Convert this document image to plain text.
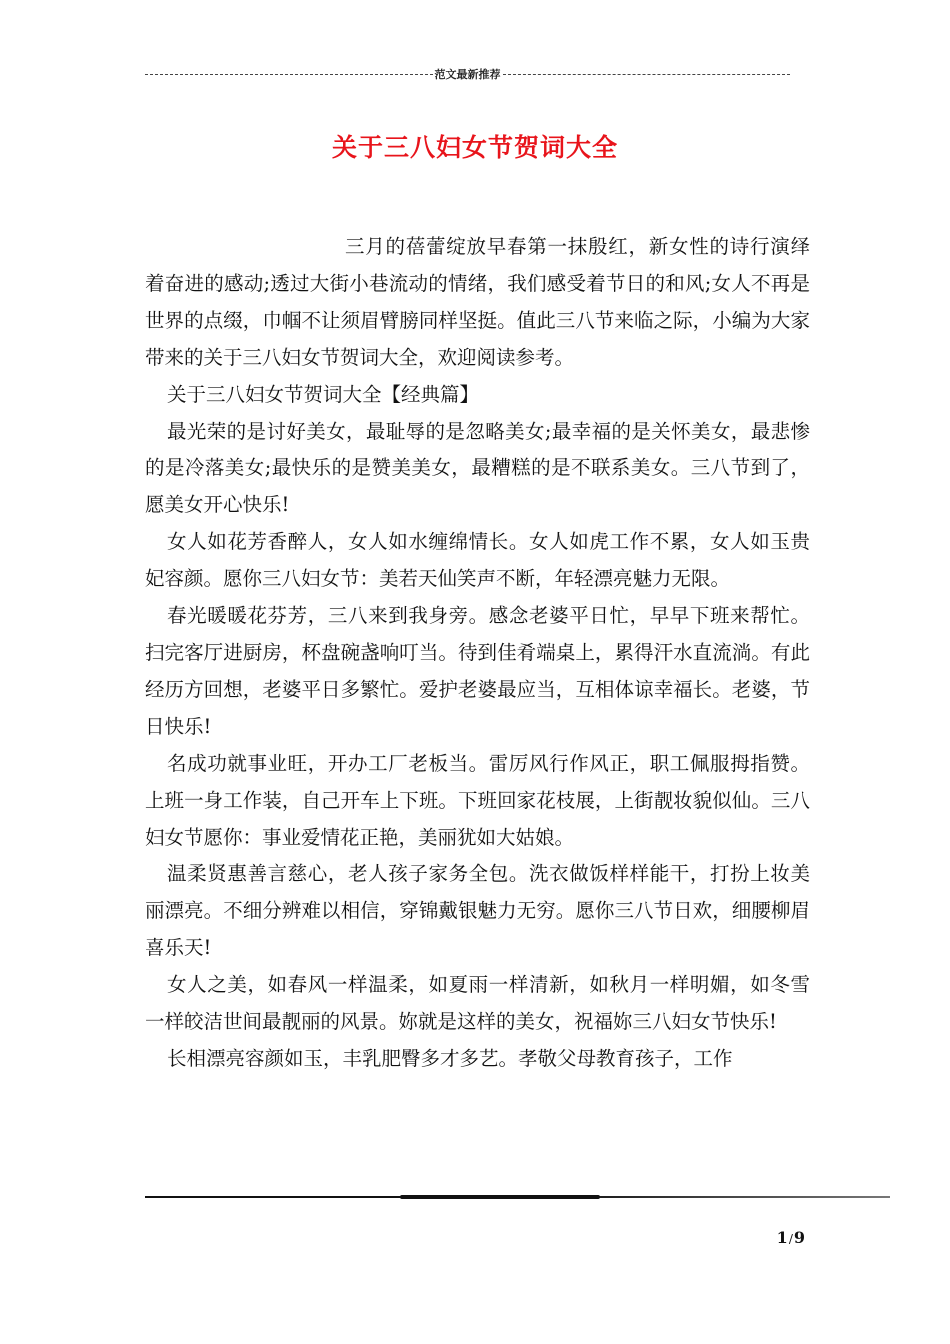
范文最新推荐
关于三八妇女节贺词大全

三月的蓓蕾绽放早春第一抹殷红，新女性的诗行演绎着奋进的感动;透过大街小巷流动的情绪，我们感受着节日的和风;女人不再是世界的点缀，巾帼不让须眉臂膀同样坚挺。值此三八节来临之际，小编为大家带来的关于三八妇女节贺词大全，欢迎阅读参考。

关于三八妇女节贺词大全【经典篇】

最光荣的是讨好美女，最耻辱的是忽略美女;最幸福的是关怀美女，最悲惨的是冷落美女;最快乐的是赞美美女，最糟糕的是不联系美女。三八节到了，愿美女开心快乐!

女人如花芳香醉人，女人如水缠绵情长。女人如虎工作不累，女人如玉贵妃容颜。愿你三八妇女节：美若天仙笑声不断，年轻漂亮魅力无限。

春光暖暖花芬芳，三八来到我身旁。感念老婆平日忙，早早下班来帮忙。扫完客厅进厨房，杯盘碗盏响叮当。待到佳肴端桌上，累得汗水直流淌。有此经历方回想，老婆平日多繁忙。爱护老婆最应当，互相体谅幸福长。老婆，节日快乐!

名成功就事业旺，开办工厂老板当。雷厉风行作风正，职工佩服拇指赞。上班一身工作装，自己开车上下班。下班回家花枝展，上街靓妆貌似仙。三八妇女节愿你：事业爱情花正艳，美丽犹如大姑娘。

温柔贤惠善言慈心，老人孩子家务全包。洗衣做饭样样能干，打扮上妆美丽漂亮。不细分辨难以相信，穿锦戴银魅力无穷。愿你三八节日欢，细腰柳眉喜乐天!

女人之美，如春风一样温柔，如夏雨一样清新，如秋月一样明媚，如冬雪一样皎洁世间最靓丽的风景。妳就是这样的美女，祝福妳三八妇女节快乐!

长相漂亮容颜如玉，丰乳肥臀多才多艺。孝敬父母教育孩子，工作

1/9
